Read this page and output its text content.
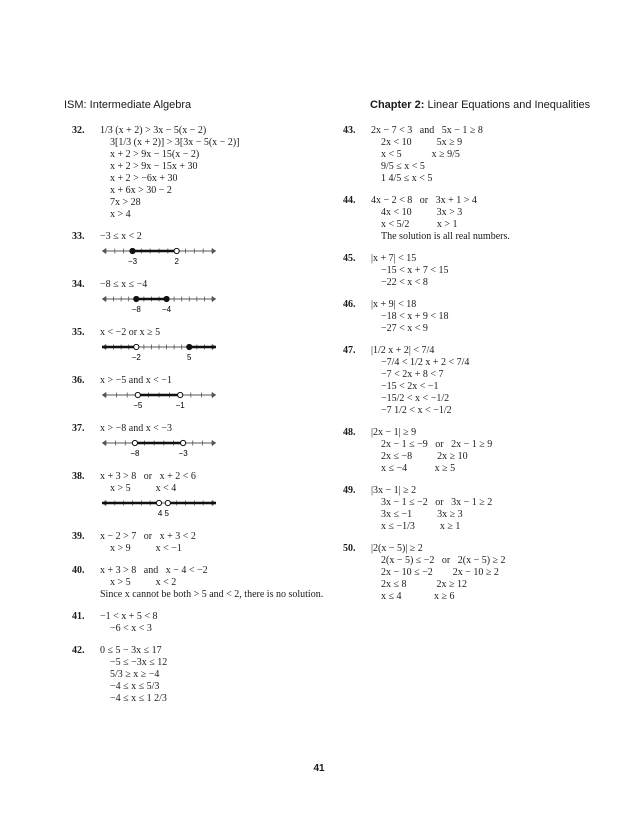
ISM: Intermediate Algebra	Chapter 2: Linear Equations and Inequalities
32. 1/3 (x + 2) > 3x − 5(x − 2)
3[1/3 (x + 2)] > 3[3x − 5(x − 2)]
x + 2 > 9x − 15(x − 2)
x + 2 > 9x − 15x + 30
x + 2 > −6x + 30
x + 6x > 30 − 2
7x > 28
x > 4
33. −3 ≤ x < 2
−3	2
34. −8 ≤ x ≤ −4
−8	−4
35. x < −2 or x ≥ 5
−2	5
36. x > −5 and x < −1
−5	−1
37. x > −8 and x < −3
−8	−3
38. x + 3 > 8   or   x + 2 < 6
x > 5          x < 4
4 5
39. x − 2 > 7   or   x + 3 < 2
x > 9          x < −1
40. x + 3 > 8   and   x − 4 < −2
x > 5          x < 2
Since x cannot be both > 5 and < 2, there is no solution.
41. −1 < x + 5 < 8
−6 < x < 3
42. 0 ≤ 5 − 3x ≤ 17
−5 ≤ −3x ≤ 12
5/3 ≥ x ≥ −4
−4 ≤ x ≤ 5/3
−4 ≤ x ≤ 1 2/3
43. 2x − 7 < 3   and   5x − 1 ≥ 8
2x < 10          5x ≥ 9
x < 5            x ≥ 9/5
9/5 ≤ x < 5
1 4/5 ≤ x < 5
44. 4x − 2 < 8   or   3x + 1 > 4
4x < 10          3x > 3
x < 5/2           x > 1
The solution is all real numbers.
45. |x + 7| < 15
−15 < x + 7 < 15
−22 < x < 8
46. |x + 9| < 18
−18 < x + 9 < 18
−27 < x < 9
47. |1/2 x + 2| < 7/4
−7/4 < 1/2 x + 2 < 7/4
−7 < 2x + 8 < 7
−15 < 2x < −1
−15/2 < x < −1/2
−7 1/2 < x < −1/2
48. |2x − 1| ≥ 9
2x − 1 ≤ −9   or   2x − 1 ≥ 9
2x ≤ −8          2x ≥ 10
x ≤ −4           x ≥ 5
49. |3x − 1| ≥ 2
3x − 1 ≤ −2   or   3x − 1 ≥ 2
3x ≤ −1          3x ≥ 3
x ≤ −1/3          x ≥ 1
50. |2(x − 5)| ≥ 2
2(x − 5) ≤ −2   or   2(x − 5) ≥ 2
2x − 10 ≤ −2        2x − 10 ≥ 2
2x ≤ 8            2x ≥ 12
x ≤ 4             x ≥ 6
41
